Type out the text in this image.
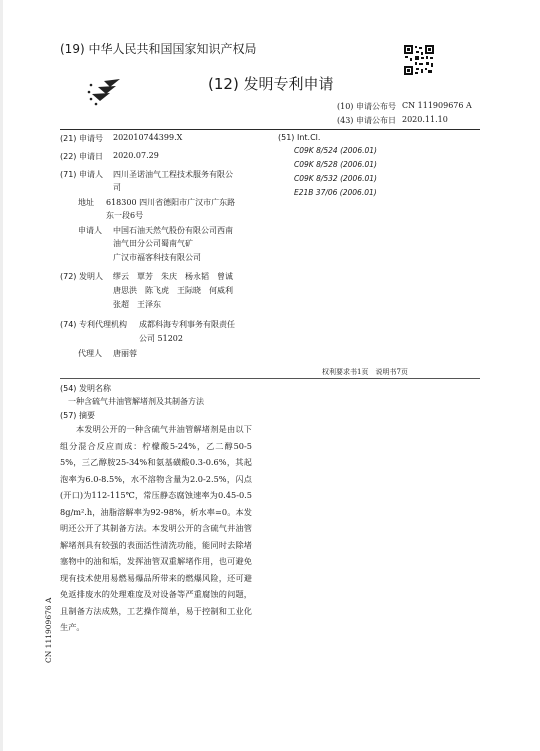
(19) 中华人民共和国国家知识产权局
(12) 发明专利申请
(10) 申请公布号 CN 111909676 A
(43) 申请公布日 2020.11.10
(21) 申请号 202010744399.X
(22) 申请日 2020.07.29
(71) 申请人 四川圣诺油气工程技术服务有限公
司
地址 618300 四川省德阳市广汉市广东路
东一段6号
申请人 中国石油天然气股份有限公司西南
油气田分公司蜀南气矿
广汉市福客科技有限公司
(72) 发明人 缪云　覃芳　朱庆　杨永韬　曾诚
唐思洪　陈飞虎　王际晓　何威利
张超　王泽东
(74) 专利代理机构 成都科海专利事务有限责任
公司 51202
代理人 唐丽蓉
(51) Int.Cl.
C09K 8/524 (2006.01)
C09K 8/528 (2006.01)
C09K 8/532 (2006.01)
E21B 37/06 (2006.01)
权利要求书1页　说明书7页
(54) 发明名称
一种含硫气井油管解堵剂及其制备方法
(57) 摘要
本发明公开的一种含硫气井油管解堵剂是由以下组分混合反应而成：柠檬酸5-24%，乙二醇50-55%，三乙醇胺25-34%和氨基磺酸0.3-0.6%，其起泡率为6.0-8.5%，水不溶物含量为2.0-2.5%，闪点(开口)为112-115℃，常压静态腐蚀速率为0.45-0.58g/m².h，油脂溶解率为92-98%，析水率=0。本发明还公开了其制备方法。本发明公开的含硫气井油管解堵剂具有较强的表面活性清洗功能，能同时去除堵塞物中的油和垢，发挥油管双重解堵作用，也可避免现有技术使用易燃易爆品所带来的燃爆风险，还可避免返排废水的处理难度及对设备等严重腐蚀的问题，且制备方法成熟，工艺操作简单，易于控制和工业化生产。
CN 111909676 A
